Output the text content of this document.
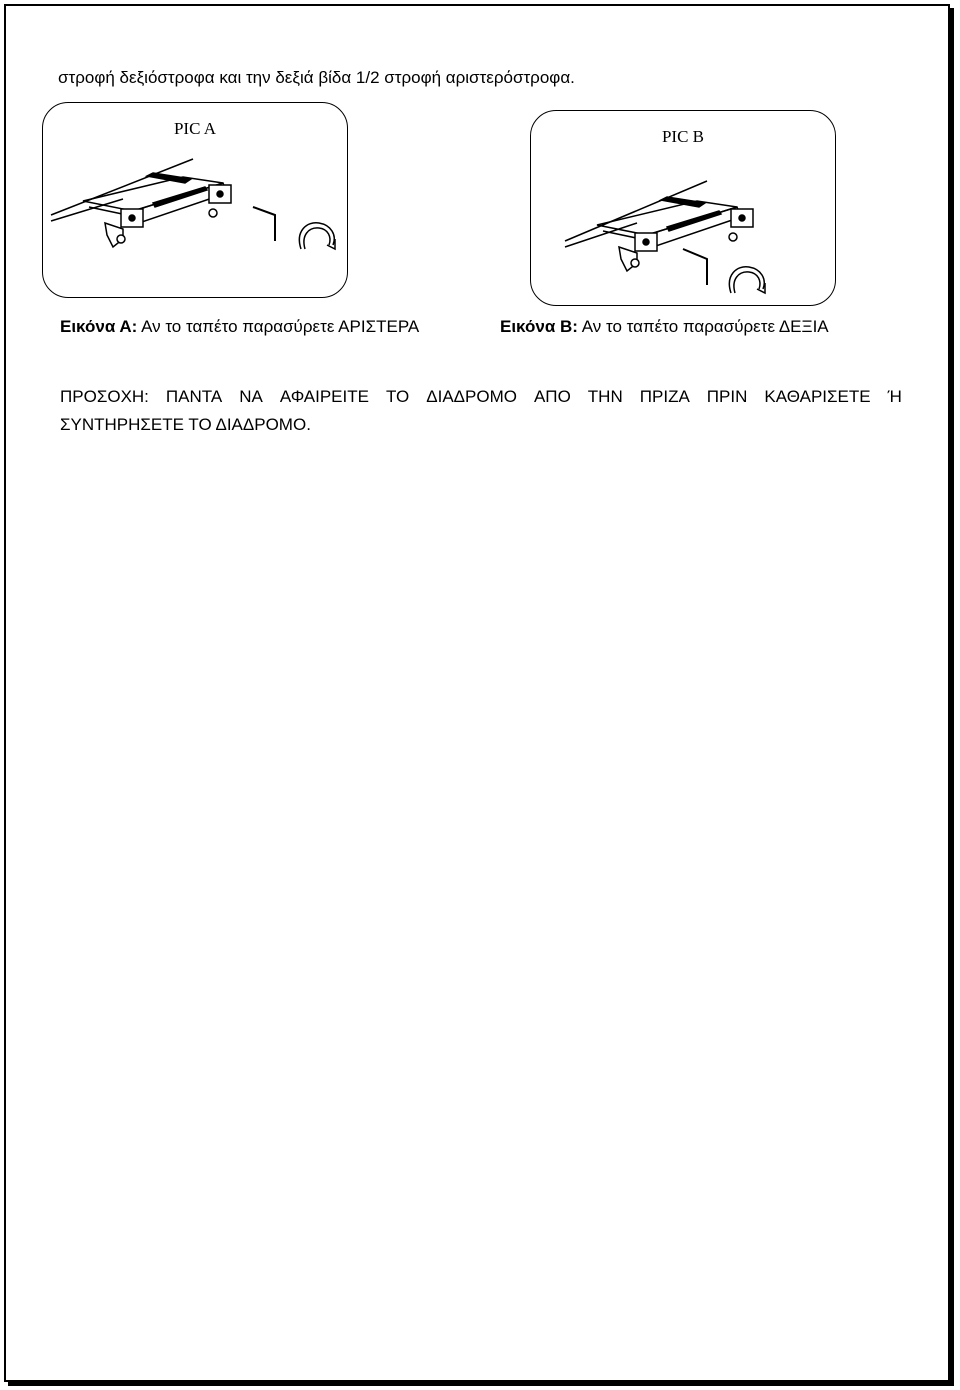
στροφή δεξιόστροφα και την δεξιά βίδα 1/2 στροφή αριστερόστροφα.
PIC A	PIC B
Εικόνα Α: Αν το ταπέτο παρασύρετε ΑΡΙΣΤΕΡΑ	Εικόνα Β: Αν το ταπέτο παρασύρετε ΔΕΞΙΑ
ΠΡΟΣΟΧΗ: ΠΑΝΤΑ ΝΑ ΑΦΑΙΡΕΙΤΕ ΤΟ ΔΙΑΔΡΟΜΟ ΑΠΟ ΤΗΝ ΠΡΙΖΑ ΠΡΙΝ ΚΑΘΑΡΙΣΕΤΕ Ή
ΣΥΝΤΗΡΗΣΕΤΕ ΤΟ ΔΙΑΔΡΟΜΟ.
